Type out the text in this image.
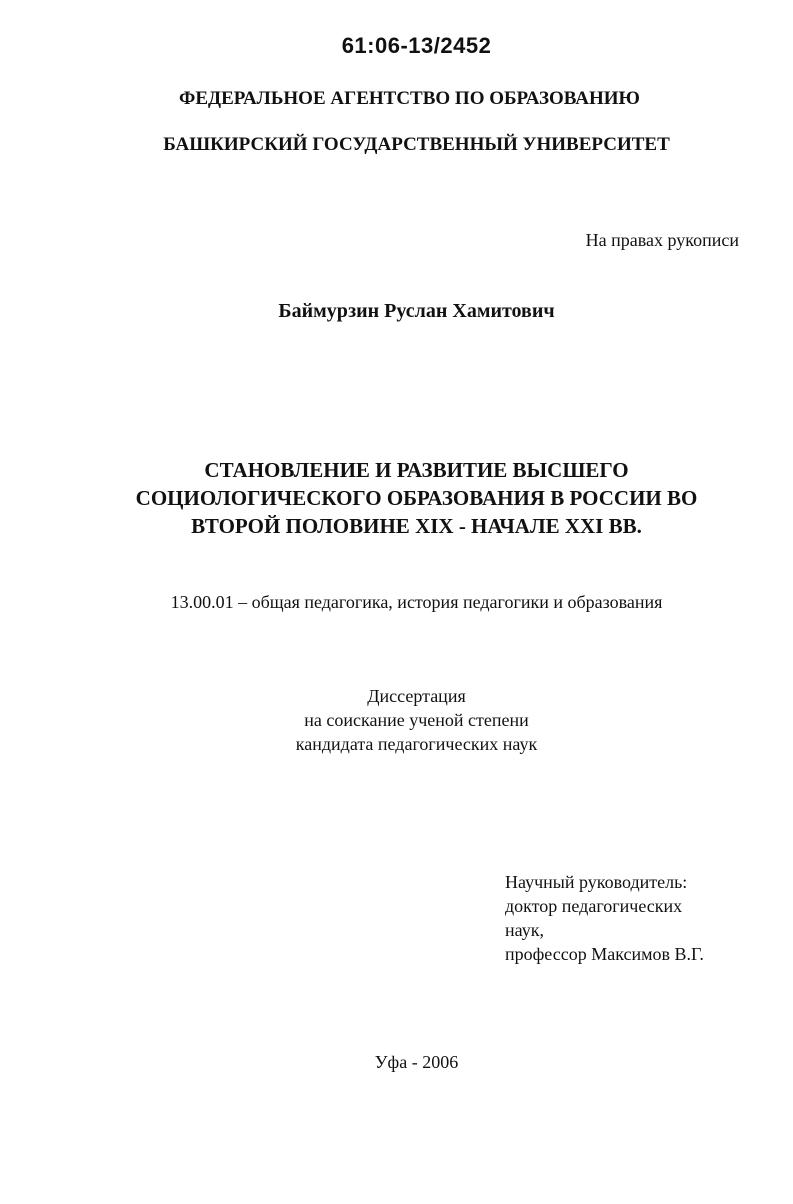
61:06-13/2452

ФЕДЕРАЛЬНОЕ АГЕНТСТВО ПО ОБРАЗОВАНИЮ

БАШКИРСКИЙ ГОСУДАРСТВЕННЫЙ УНИВЕРСИТЕТ

На правах рукописи

Баймурзин Руслан Хамитович

СТАНОВЛЕНИЕ И РАЗВИТИЕ ВЫСШЕГО
СОЦИОЛОГИЧЕСКОГО ОБРАЗОВАНИЯ В РОССИИ ВО
ВТОРОЙ ПОЛОВИНЕ XIX - НАЧАЛЕ XXI ВВ.

13.00.01 – общая педагогика, история педагогики и образования

Диссертация
на соискание ученой степени
кандидата педагогических наук
Научный руководитель:
доктор педагогических
наук,
профессор Максимов В.Г.

Уфа - 2006
